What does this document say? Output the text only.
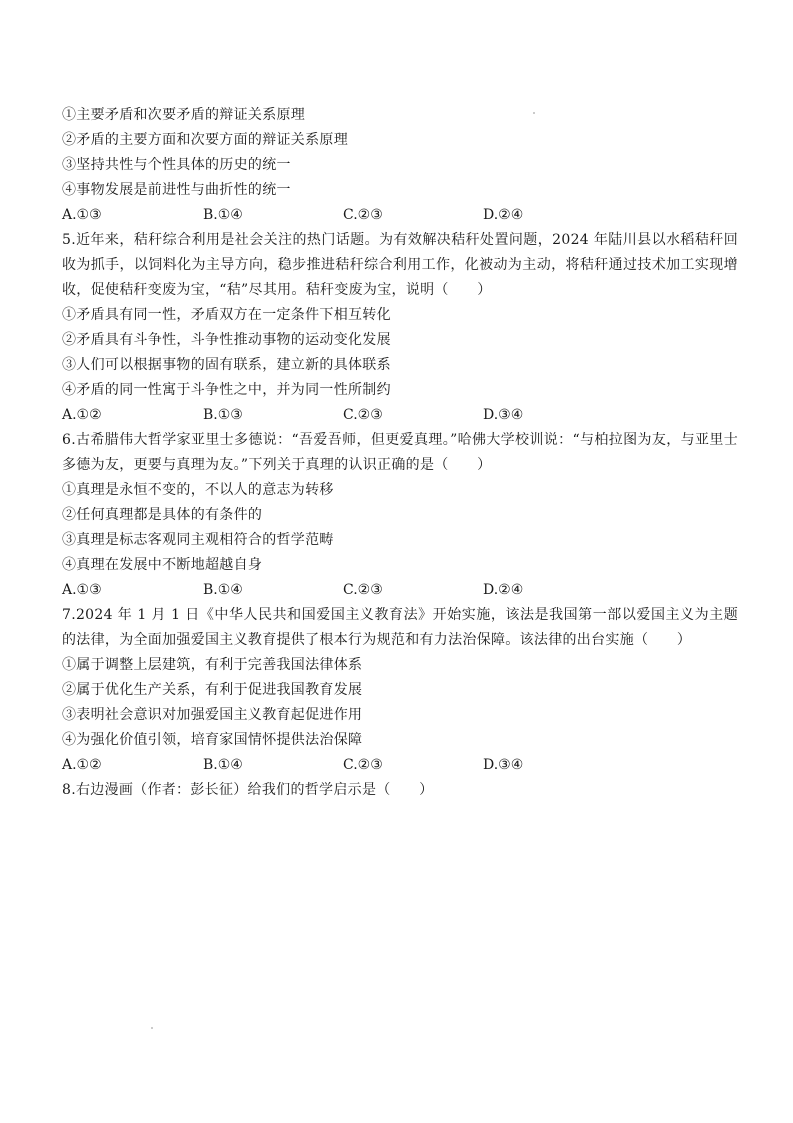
①主要矛盾和次要矛盾的辩证关系原理
②矛盾的主要方面和次要方面的辩证关系原理
③坚持共性与个性具体的历史的统一
④事物发展是前进性与曲折性的统一
A.①③	B.①④	C.②③	D.②④
5.近年来，秸秆综合利用是社会关注的热门话题。为有效解决秸秆处置问题，2024 年陆川县以水稻秸秆回收为抓手，以饲料化为主导方向，稳步推进秸秆综合利用工作，化被动为主动，将秸秆通过技术加工实现增收，促使秸秆变废为宝，“秸”尽其用。秸秆变废为宝，说明（　　）
①矛盾具有同一性，矛盾双方在一定条件下相互转化
②矛盾具有斗争性，斗争性推动事物的运动变化发展
③人们可以根据事物的固有联系，建立新的具体联系
④矛盾的同一性寓于斗争性之中，并为同一性所制约
A.①②	B.①③	C.②③	D.③④
6.古希腊伟大哲学家亚里士多德说：“吾爱吾师，但更爱真理。”哈佛大学校训说：“与柏拉图为友，与亚里士多德为友，更要与真理为友。”下列关于真理的认识正确的是（　　）
①真理是永恒不变的，不以人的意志为转移
②任何真理都是具体的有条件的
③真理是标志客观同主观相符合的哲学范畴
④真理在发展中不断地超越自身
A.①③	B.①④	C.②③	D.②④
7.2024 年 1 月 1 日《中华人民共和国爱国主义教育法》开始实施，该法是我国第一部以爱国主义为主题的法律，为全面加强爱国主义教育提供了根本行为规范和有力法治保障。该法律的出台实施（　　）
①属于调整上层建筑，有利于完善我国法律体系
②属于优化生产关系，有利于促进我国教育发展
③表明社会意识对加强爱国主义教育起促进作用
④为强化价值引领，培育家国情怀提供法治保障
A.①②	B.①④	C.②③	D.③④
8.右边漫画（作者：彭长征）给我们的哲学启示是（　　）
